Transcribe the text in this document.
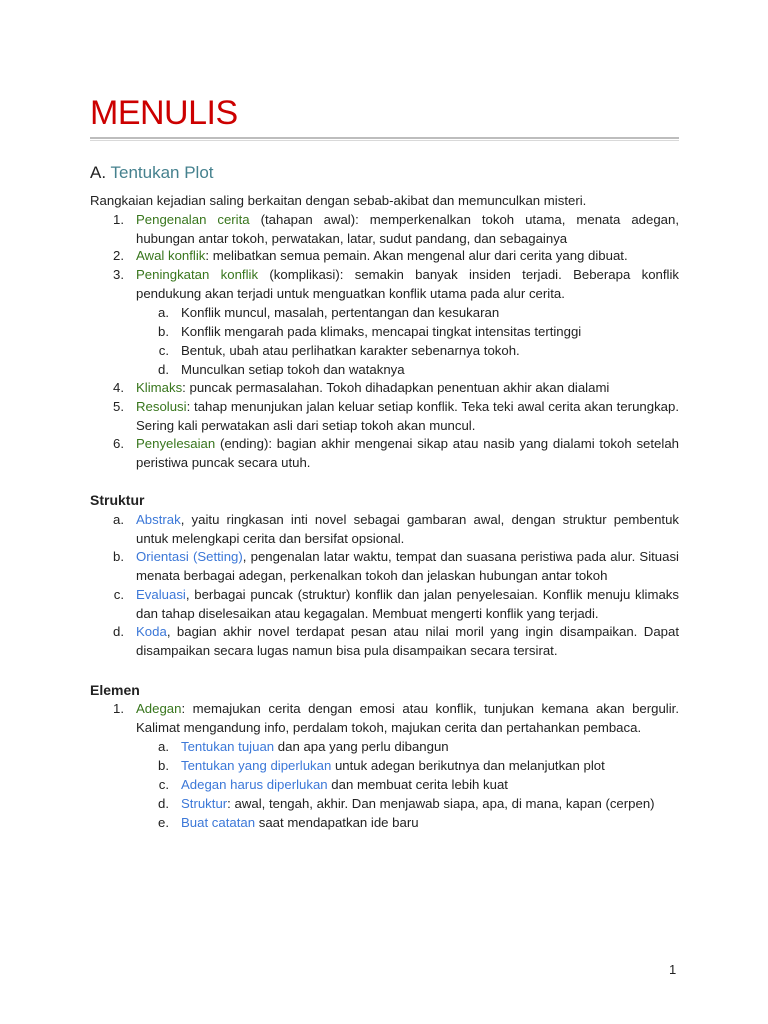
MENULIS
A. Tentukan Plot
Rangkaian kejadian saling berkaitan dengan sebab-akibat dan memunculkan misteri.
1. Pengenalan cerita (tahapan awal): memperkenalkan tokoh utama, menata adegan, hubungan antar tokoh, perwatakan, latar, sudut pandang, dan sebagainya
2. Awal konflik: melibatkan semua pemain. Akan mengenal alur dari cerita yang dibuat.
3. Peningkatan konflik (komplikasi): semakin banyak insiden terjadi. Beberapa konflik pendukung akan terjadi untuk menguatkan konflik utama pada alur cerita.
a. Konflik muncul, masalah, pertentangan dan kesukaran
b. Konflik mengarah pada klimaks, mencapai tingkat intensitas tertinggi
c. Bentuk, ubah atau perlihatkan karakter sebenarnya tokoh.
d. Munculkan setiap tokoh dan wataknya
4. Klimaks: puncak permasalahan. Tokoh dihadapkan penentuan akhir akan dialami
5. Resolusi: tahap menunjukan jalan keluar setiap konflik. Teka teki awal cerita akan terungkap. Sering kali perwatakan asli dari setiap tokoh akan muncul.
6. Penyelesaian (ending): bagian akhir mengenai sikap atau nasib yang dialami tokoh setelah peristiwa puncak secara utuh.
Struktur
a. Abstrak, yaitu ringkasan inti novel sebagai gambaran awal, dengan struktur pembentuk untuk melengkapi cerita dan bersifat opsional.
b. Orientasi (Setting), pengenalan latar waktu, tempat dan suasana peristiwa pada alur. Situasi menata berbagai adegan, perkenalkan tokoh dan jelaskan hubungan antar tokoh
c. Evaluasi, berbagai puncak (struktur) konflik dan jalan penyelesaian. Konflik menuju klimaks dan tahap diselesaikan atau kegagalan. Membuat mengerti konflik yang terjadi.
d. Koda, bagian akhir novel terdapat pesan atau nilai moril yang ingin disampaikan. Dapat disampaikan secara lugas namun bisa pula disampaikan secara tersirat.
Elemen
1. Adegan: memajukan cerita dengan emosi atau konflik, tunjukan kemana akan bergulir. Kalimat mengandung info, perdalam tokoh, majukan cerita dan pertahankan pembaca.
a. Tentukan tujuan dan apa yang perlu dibangun
b. Tentukan yang diperlukan untuk adegan berikutnya dan melanjutkan plot
c. Adegan harus diperlukan dan membuat cerita lebih kuat
d. Struktur: awal, tengah, akhir. Dan menjawab siapa, apa, di mana, kapan (cerpen)
e. Buat catatan saat mendapatkan ide baru
1
